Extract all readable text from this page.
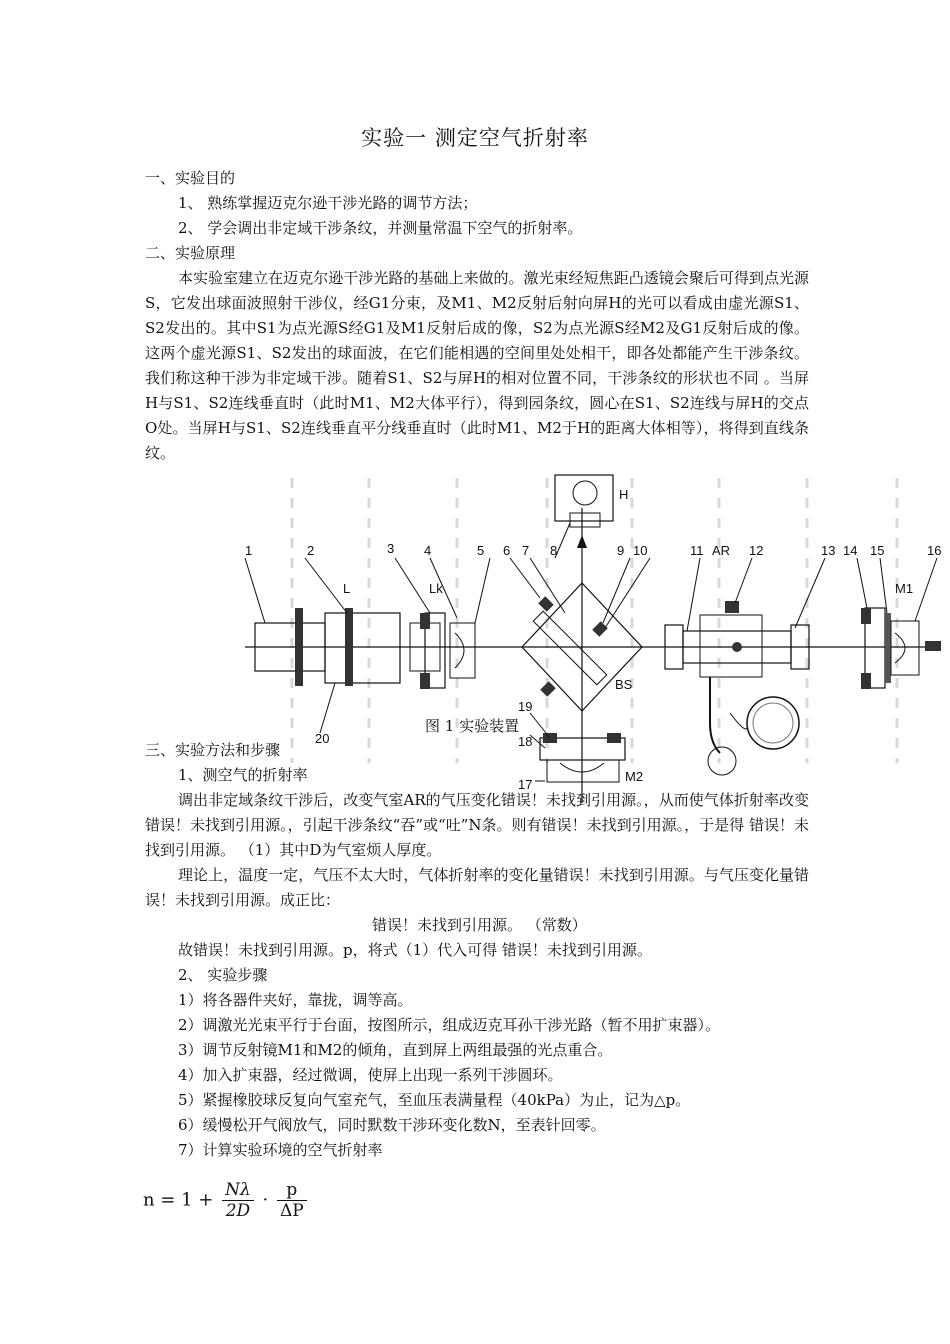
实验一 测定空气折射率
一、实验目的
1、 熟练掌握迈克尔逊干涉光路的调节方法；
2、 学会调出非定域干涉条纹，并测量常温下空气的折射率。
二、实验原理
本实验室建立在迈克尔逊干涉光路的基础上来做的。激光束经短焦距凸透镜会聚后可得到点光源S，它发出球面波照射干涉仪，经G1分束，及M1、M2反射后射向屏H的光可以看成由虚光源S1、S2发出的。其中S1为点光源S经G1及M1反射后成的像，S2为点光源S经M2及G1反射后成的像。这两个虚光源S1、S2发出的球面波，在它们能相遇的空间里处处相干，即各处都能产生干涉条纹。我们称这种干涉为非定域干涉。随着S1、S2与屏H的相对位置不同，干涉条纹的形状也不同 。当屏H与S1、S2连线垂直时（此时M1、M2大体平行），得到园条纹，圆心在S1、S2连线与屏H的交点O处。当屏H与S1、S2连线垂直平分线垂直时（此时M1、M2于H的距离大体相等），将得到直线条纹。
1	2	3 4	5 6 7 8	9 10	11	12	13 14 15	16
17
18
19
20
L	Lk
H
AR
BS
M1
M2
图 1 实验装置
三、实验方法和步骤
1、测空气的折射率
调出非定域条纹干涉后，改变气室AR的气压变化错误！未找到引用源。，从而使气体折射率改变错误！未找到引用源。，引起干涉条纹“吞”或“吐”N条。则有错误！未找到引用源。，于是得 错误！未找到引用源。 （1）其中D为气室烦人厚度。
理论上，温度一定，气压不太大时，气体折射率的变化量错误！未找到引用源。与气压变化量错误！未找到引用源。成正比：
错误！未找到引用源。 （常数）
故错误！未找到引用源。p，将式（1）代入可得 错误！未找到引用源。
2、 实验步骤
1）将各器件夹好，靠拢，调等高。
2）调激光光束平行于台面，按图所示，组成迈克耳孙干涉光路（暂不用扩束器）。
3）调节反射镜M1和M2的倾角，直到屏上两组最强的光点重合。
4）加入扩束器，经过微调，使屏上出现一系列干涉圆环。
5）紧握橡胶球反复向气室充气，至血压表满量程（40kPa）为止，记为△p。
6）缓慢松开气阀放气，同时默数干涉环变化数N，至表针回零。
7）计算实验环境的空气折射率
$n = 1 + \frac{N\lambda}{2D} \cdot \frac{p}{\Delta P}$
